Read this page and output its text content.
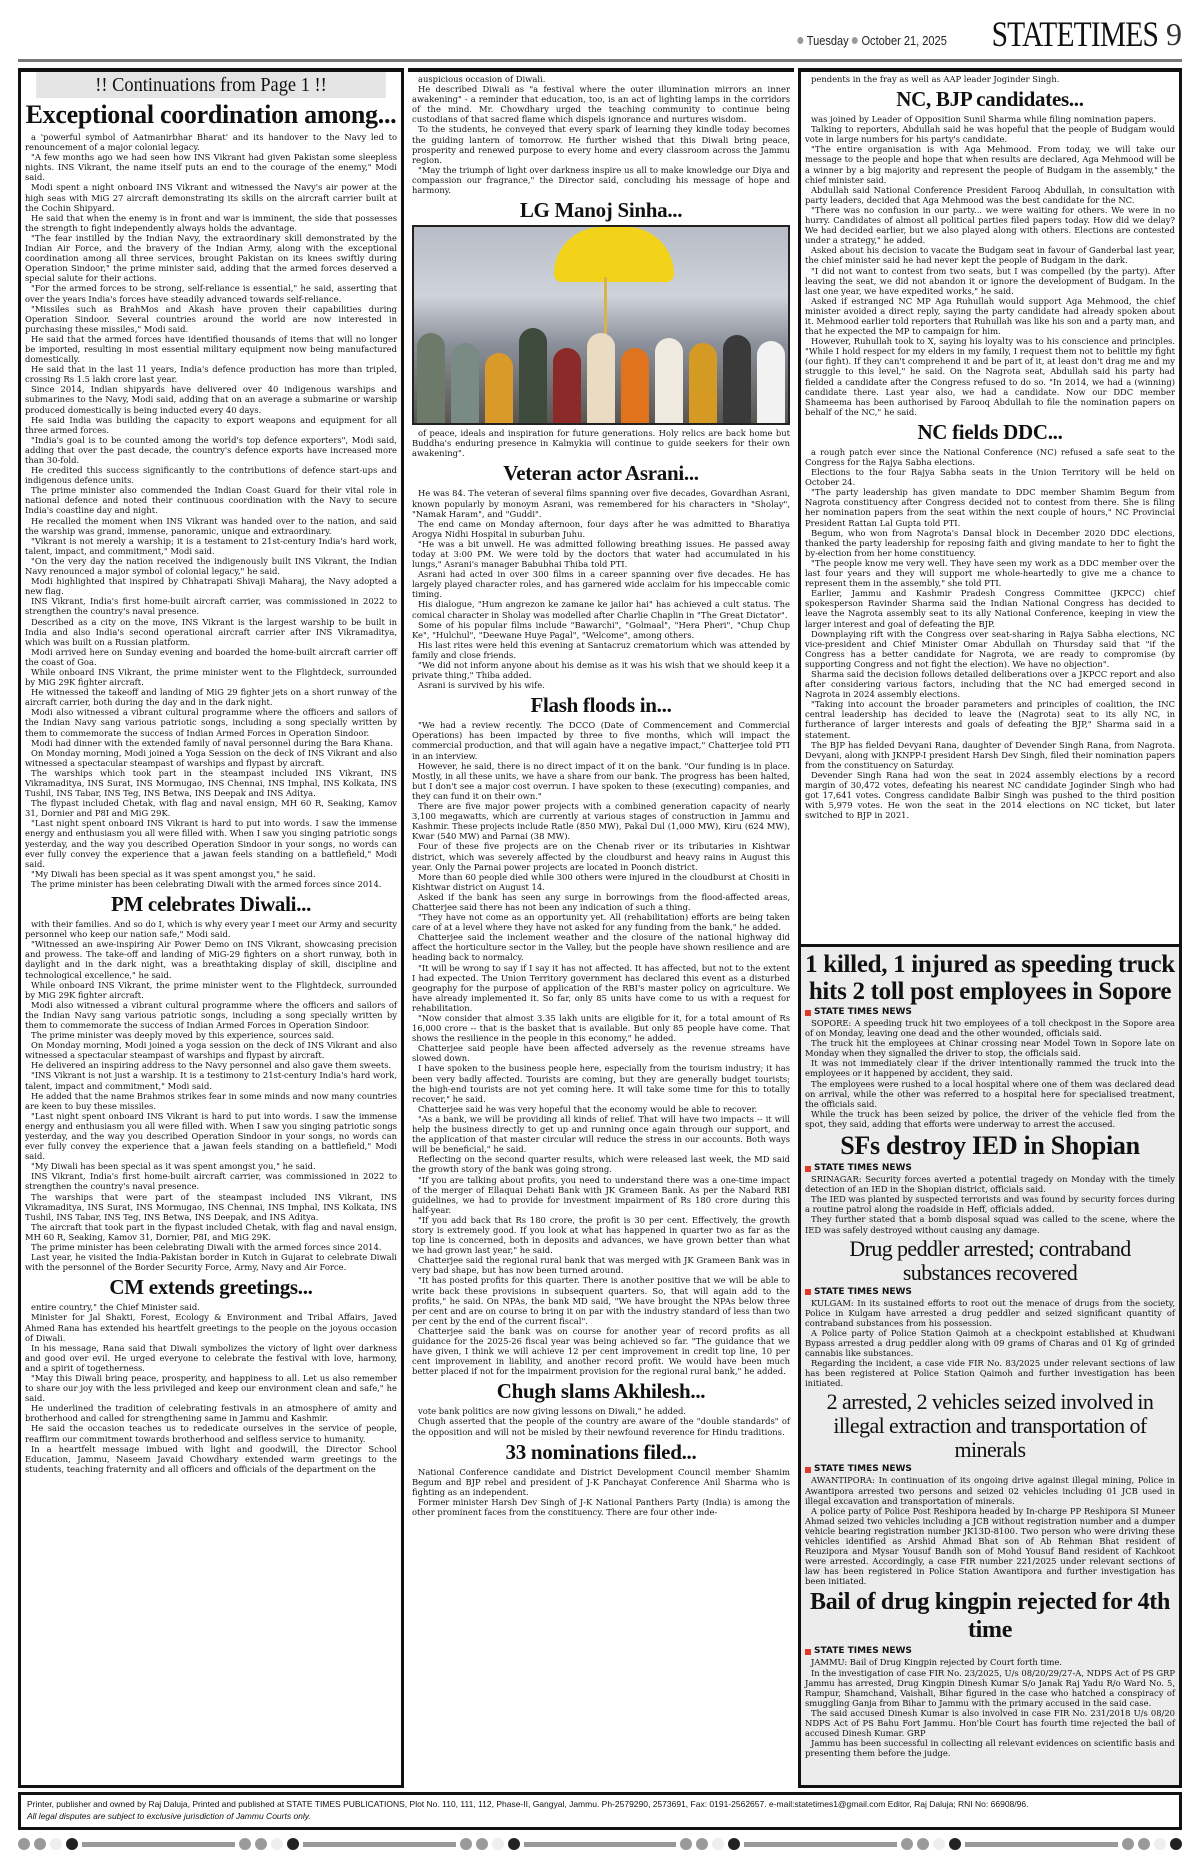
Tuesday October 21, 2025 STATETIMES 9
!! Continuations from Page 1 !!
Exceptional coordination among...

a 'powerful symbol of Aatmanirbhar Bharat' and its handover to the Navy led to renouncement of a major colonial legacy.

"A few months ago we had seen how INS Vikrant had given Pakistan some sleepless nights. INS Vikrant, the name itself puts an end to the courage of the enemy," Modi said.

Modi spent a night onboard INS Vikrant and witnessed the Navy's air power at the high seas with MiG 27 aircraft demonstrating its skills on the aircraft carrier built at the Cochin Shipyard.

He said that when the enemy is in front and war is imminent, the side that possesses the strength to fight independently always holds the advantage.

"The fear instilled by the Indian Navy, the extraordinary skill demonstrated by the Indian Air Force, and the bravery of the Indian Army, along with the exceptional coordination among all three services, brought Pakistan on its knees swiftly during Operation Sindoor," the prime minister said, adding that the armed forces deserved a special salute for their actions.

"For the armed forces to be strong, self-reliance is essential," he said, asserting that over the years India's forces have steadily advanced towards self-reliance.

"Missiles such as BrahMos and Akash have proven their capabilities during Operation Sindoor. Several countries around the world are now interested in purchasing these missiles," Modi said.

He said that the armed forces have identified thousands of items that will no longer be imported, resulting in most essential military equipment now being manufactured domestically.

He said that in the last 11 years, India's defence production has more than tripled, crossing Rs 1.5 lakh crore last year.

Since 2014, Indian shipyards have delivered over 40 indigenous warships and submarines to the Navy, Modi said, adding that on an average a submarine or warship produced domestically is being inducted every 40 days.

He said India was building the capacity to export weapons and equipment for all three armed forces.

"India's goal is to be counted among the world's top defence exporters", Modi said, adding that over the past decade, the country's defence exports have increased more than 30-fold.

He credited this success significantly to the contributions of defence start-ups and indigenous defence units.

The prime minister also commended the Indian Coast Guard for their vital role in national defence and noted their continuous coordination with the Navy to secure India's coastline day and night.

He recalled the moment when INS Vikrant was handed over to the nation, and said the warship was grand, immense, panoramic, unique and extraordinary.

"Vikrant is not merely a warship; it is a testament to 21st-century India's hard work, talent, impact, and commitment," Modi said.

"On the very day the nation received the indigenously built INS Vikrant, the Indian Navy renounced a major symbol of colonial legacy," he said.

Modi highlighted that inspired by Chhatrapati Shivaji Maharaj, the Navy adopted a new flag.

INS Vikrant, India's first home-built aircraft carrier, was commissioned in 2022 to strengthen the country's naval presence.

Described as a city on the move, INS Vikrant is the largest warship to be built in India and also India's second operational aircraft carrier after INS Vikramaditya, which was built on a Russian platform.

Modi arrived here on Sunday evening and boarded the home-built aircraft carrier off the coast of Goa.

While onboard INS Vikrant, the prime minister went to the Flightdeck, surrounded by MiG 29K fighter aircraft.

He witnessed the takeoff and landing of MiG 29 fighter jets on a short runway of the aircraft carrier, both during the day and in the dark night.

Modi also witnessed a vibrant cultural programme where the officers and sailors of the Indian Navy sang various patriotic songs, including a song specially written by them to commemorate the success of Indian Armed Forces in Operation Sindoor.

Modi had dinner with the extended family of naval personnel during the Bara Khana.

On Monday morning, Modi joined a Yoga Session on the deck of INS Vikrant and also witnessed a spectacular steampast of warships and flypast by aircraft.

The warships which took part in the steampast included INS Vikrant, INS Vikramaditya, INS Surat, INS Mormugao, INS Chennai, INS Imphal, INS Kolkata, INS Tushil, INS Tabar, INS Teg, INS Betwa, INS Deepak and INS Aditya.

The flypast included Chetak, with flag and naval ensign, MH 60 R, Seaking, Kamov 31, Dornier and P8I and MiG 29K.

"Last night spent onboard INS Vikrant is hard to put into words. I saw the immense energy and enthusiasm you all were filled with. When I saw you singing patriotic songs yesterday, and the way you described Operation Sindoor in your songs, no words can ever fully convey the experience that a jawan feels standing on a battlefield," Modi said.

"My Diwali has been special as it was spent amongst you," he said.

The prime minister has been celebrating Diwali with the armed forces since 2014.

PM celebrates Diwali...

with their families. And so do I, which is why every year I meet our Army and security personnel who keep our nation safe," Modi said.

"Witnessed an awe-inspiring Air Power Demo on INS Vikrant, showcasing precision and prowess. The take-off and landing of MiG-29 fighters on a short runway, both in daylight and in the dark night, was a breathtaking display of skill, discipline and technological excellence," he said.

While onboard INS Vikrant, the prime minister went to the Flightdeck, surrounded by MiG 29K fighter aircraft.

Modi also witnessed a vibrant cultural programme where the officers and sailors of the Indian Navy sang various patriotic songs, including a song specially written by them to commemorate the success of Indian Armed Forces in Operation Sindoor.

The prime minister was deeply moved by this experience, sources said.

On Monday morning, Modi joined a yoga session on the deck of INS Vikrant and also witnessed a spectacular steampast of warships and flypast by aircraft.

He delivered an inspiring address to the Navy personnel and also gave them sweets.

"INS Vikrant is not just a warship. It is a testimony to 21st-century India's hard work, talent, impact and commitment," Modi said.

He added that the name Brahmos strikes fear in some minds and now many countries are keen to buy these missiles.

"Last night spent onboard INS Vikrant is hard to put into words. I saw the immense energy and enthusiasm you all were filled with. When I saw you singing patriotic songs yesterday, and the way you described Operation Sindoor in your songs, no words can ever fully convey the experience that a jawan feels standing on a battlefield," Modi said.

"My Diwali has been special as it was spent amongst you," he said.

INS Vikrant, India's first home-built aircraft carrier, was commissioned in 2022 to strengthen the country's naval presence.

The warships that were part of the steampast included INS Vikrant, INS Vikramaditya, INS Surat, INS Mormugao, INS Chennai, INS Imphal, INS Kolkata, INS Tushil, INS Tabar, INS Teg, INS Betwa, INS Deepak, and INS Aditya.

The aircraft that took part in the flypast included Chetak, with flag and naval ensign, MH 60 R, Seaking, Kamov 31, Dornier, P8I, and MiG 29K.

The prime minister has been celebrating Diwali with the armed forces since 2014.

Last year, he visited the India-Pakistan border in Kutch in Gujarat to celebrate Diwali with the personnel of the Border Security Force, Army, Navy and Air Force.

CM extends greetings...

entire country," the Chief Minister said.

Minister for Jal Shakti, Forest, Ecology & Environment and Tribal Affairs, Javed Ahmed Rana has extended his heartfelt greetings to the people on the joyous occasion of Diwali.

In his message, Rana said that Diwali symbolizes the victory of light over darkness and good over evil. He urged everyone to celebrate the festival with love, harmony, and a spirit of togetherness.

"May this Diwali bring peace, prosperity, and happiness to all. Let us also remember to share our joy with the less privileged and keep our environment clean and safe," he said.

He underlined the tradition of celebrating festivals in an atmosphere of amity and brotherhood and called for strengthening same in Jammu and Kashmir.

He said the occasion teaches us to rededicate ourselves in the service of people, reaffirm our commitment towards brotherhood and selfless service to humanity.

In a heartfelt message imbued with light and goodwill, the Director School Education, Jammu, Naseem Javaid Chowdhary extended warm greetings to the students, teaching fraternity and all officers and officials of the department on the

auspicious occasion of Diwali.

He described Diwali as "a festival where the outer illumination mirrors an inner awakening" - a reminder that education, too, is an act of lighting lamps in the corridors of the mind. Mr. Chowdhary urged the teaching community to continue being custodians of that sacred flame which dispels ignorance and nurtures wisdom.

To the students, he conveyed that every spark of learning they kindle today becomes the guiding lantern of tomorrow. He further wished that this Diwali bring peace, prosperity and renewed purpose to every home and every classroom across the Jammu region.

"May the triumph of light over darkness inspire us all to make knowledge our Diya and compassion our fragrance," the Director said, concluding his message of hope and harmony.

LG Manoj Sinha...

of peace, ideals and inspiration for future generations. Holy relics are back home but Buddha's enduring presence in Kalmykia will continue to guide seekers for their own awakening".

Veteran actor Asrani...

He was 84. The veteran of several films spanning over five decades, Govardhan Asrani, known popularly by monoym Asrani, was remembered for his characters in "Sholay", "Namak Haram", and "Guddi".

The end came on Monday afternoon, four days after he was admitted to Bharatiya Arogya Nidhi Hospital in suburban Juhu.

"He was a bit unwell. He was admitted following breathing issues. He passed away today at 3:00 PM. We were told by the doctors that water had accumulated in his lungs," Asrani's manager Babubhai Thiba told PTI.

Asrani had acted in over 300 films in a career spanning over five decades. He has largely played character roles, and has garnered wide acclaim for his impeccable comic timing.

His dialogue, "Hum angrezon ke zamane ke jailor hai" has achieved a cult status. The comical character in Sholay was modelled after Charlie Chaplin in "The Great Dictator".

Some of his popular films include "Bawarchi", "Golmaal", "Hera Pheri", "Chup Chup Ke", "Hulchul", "Deewane Huye Pagal", "Welcome", among others.

His last rites were held this evening at Santacruz crematorium which was attended by family and close friends.

"We did not inform anyone about his demise as it was his wish that we should keep it a private thing," Thiba added.

Asrani is survived by his wife.

Flash floods in...

"We had a review recently. The DCCO (Date of Commencement and Commercial Operations) has been impacted by three to five months, which will impact the commercial production, and that will again have a negative impact," Chatterjee told PTI in an interview.

However, he said, there is no direct impact of it on the bank. "Our funding is in place. Mostly, in all these units, we have a share from our bank. The progress has been halted, but I don't see a major cost overrun. I have spoken to these (executing) companies, and they can fund it on their own."

There are five major power projects with a combined generation capacity of nearly 3,100 megawatts, which are currently at various stages of construction in Jammu and Kashmir. These projects include Ratle (850 MW), Pakal Dul (1,000 MW), Kiru (624 MW), Kwar (540 MW) and Parnai (38 MW).

Four of these five projects are on the Chenab river or its tributaries in Kishtwar district, which was severely affected by the cloudburst and heavy rains in August this year. Only the Parnai power projects are located in Poonch district.

More than 60 people died while 300 others were injured in the cloudburst at Chositi in Kishtwar district on August 14.

Asked if the bank has seen any surge in borrowings from the flood-affected areas, Chatterjee said there has not been any indication of such a thing.

"They have not come as an opportunity yet. All (rehabilitation) efforts are being taken care of at a level where they have not asked for any funding from the bank," he added.

Chatterjee said the inclement weather and the closure of the national highway did affect the horticulture sector in the Valley, but the people have shown resilience and are heading back to normalcy.

"It will be wrong to say if I say it has not affected. It has affected, but not to the extent I had expected. The Union Territory government has declared this event as a disturbed geography for the purpose of application of the RBI's master policy on agriculture. We have already implemented it. So far, only 85 units have come to us with a request for rehabilitation.

"Now consider that almost 3.35 lakh units are eligible for it, for a total amount of Rs 16,000 crore -- that is the basket that is available. But only 85 people have come. That shows the resilience in the people in this economy," he added.

Chatterjee said people have been affected adversely as the revenue streams have slowed down.

I have spoken to the business people here, especially from the tourism industry; it has been very badly affected. Tourists are coming, but they are generally budget tourists; the high-end tourists are not yet coming here. It will take some time for this to totally recover," he said.

Chatterjee said he was very hopeful that the economy would be able to recover.

"As a bank, we will be providing all kinds of relief. That will have two impacts -- it will help the business directly to get up and running once again through our support, and the application of that master circular will reduce the stress in our accounts. Both ways will be beneficial," he said.

Reflecting on the second quarter results, which were released last week, the MD said the growth story of the bank was going strong.

"If you are talking about profits, you need to understand there was a one-time impact of the merger of Ellaquai Dehati Bank with JK Grameen Bank. As per the Nabard RBI guidelines, we had to provide for investment impairment of Rs 180 crore during this half-year.

"If you add back that Rs 180 crore, the profit is 30 per cent. Effectively, the growth story is extremely good. If you look at what has happened in quarter two as far as the top line is concerned, both in deposits and advances, we have grown better than what we had grown last year," he said.

Chatterjee said the regional rural bank that was merged with JK Grameen Bank was in very bad shape, but has now been turned around.

"It has posted profits for this quarter. There is another positive that we will be able to write back these provisions in subsequent quarters. So, that will again add to the profits," he said. On NPAs, the bank MD said, "We have brought the NPAs below three per cent and are on course to bring it on par with the industry standard of less than two per cent by the end of the current fiscal".

Chatterjee said the bank was on course for another year of record profits as all guidance for the 2025-26 fiscal year was being achieved so far. "The guidance that we have given, I think we will achieve 12 per cent improvement in credit top line, 10 per cent improvement in liability, and another record profit. We would have been much better placed if not for the impairment provision for the regional rural bank," he added.

Chugh slams Akhilesh...

vote bank politics are now giving lessons on Diwali," he added.

Chugh asserted that the people of the country are aware of the "double standards" of the opposition and will not be misled by their newfound reverence for Hindu traditions.

33 nominations filed...

National Conference candidate and District Development Council member Shamim Begum and BJP rebel and president of J-K Panchayat Conference Anil Sharma who is fighting as an independent.

Former minister Harsh Dev Singh of J-K National Panthers Party (India) is among the other prominent faces from the constituency. There are four other inde-

pendents in the fray as well as AAP leader Joginder Singh.

NC, BJP candidates...

was joined by Leader of Opposition Sunil Sharma while filing nomination papers.

Talking to reporters, Abdullah said he was hopeful that the people of Budgam would vote in large numbers for his party's candidate.

"The entire organisation is with Aga Mehmood. From today, we will take our message to the people and hope that when results are declared, Aga Mehmood will be a winner by a big majority and represent the people of Budgam in the assembly," the chief minister said.

Abdullah said National Conference President Farooq Abdullah, in consultation with party leaders, decided that Aga Mehmood was the best candidate for the NC.

"There was no confusion in our party... we were waiting for others. We were in no hurry. Candidates of almost all political parties filed papers today. How did we delay? We had decided earlier, but we also played along with others. Elections are contested under a strategy," he added.

Asked about his decision to vacate the Budgam seat in favour of Ganderbal last year, the chief minister said he had never kept the people of Budgam in the dark.

"I did not want to contest from two seats, but I was compelled (by the party). After leaving the seat, we did not abandon it or ignore the development of Budgam. In the last one year, we have expedited works," he said.

Asked if estranged NC MP Aga Ruhullah would support Aga Mehmood, the chief minister avoided a direct reply, saying the party candidate had already spoken about it. Mehmood earlier told reporters that Ruhullah was like his son and a party man, and that he expected the MP to campaign for him.

However, Ruhullah took to X, saying his loyalty was to his conscience and principles. "While I hold respect for my elders in my family, I request them not to belittle my fight (our fight). If they can't comprehend it and be part of it, at least don't drag me and my struggle to this level," he said. On the Nagrota seat, Abdullah said his party had fielded a candidate after the Congress refused to do so. "In 2014, we had a (winning) candidate there. Last year also, we had a candidate. Now our DDC member Shameema has been authorised by Farooq Abdullah to file the nomination papers on behalf of the NC," he said.

NC fields DDC...

a rough patch ever since the National Conference (NC) refused a safe seat to the Congress for the Rajya Sabha elections.

Elections to the four Rajya Sabha seats in the Union Territory will be held on October 24.

"The party leadership has given mandate to DDC member Shamim Begum from Nagrota constituency after Congress decided not to contest from there. She is filing her nomination papers from the seat within the next couple of hours," NC Provincial President Rattan Lal Gupta told PTI.

Begum, who won from Nagrota's Dansal block in December 2020 DDC elections, thanked the party leadership for reposing faith and giving mandate to her to fight the by-election from her home constituency.

"The people know me very well. They have seen my work as a DDC member over the last four years and they will support me whole-heartedly to give me a chance to represent them in the assembly," she told PTI.

Earlier, Jammu and Kashmir Pradesh Congress Committee (JKPCC) chief spokesperson Ravinder Sharma said the Indian National Congress has decided to leave the Nagrota assembly seat to its ally National Conference, keeping in view the larger interest and goal of defeating the BJP.

Downplaying rift with the Congress over seat-sharing in Rajya Sabha elections, NC vice-president and Chief Minister Omar Abdullah on Thursday said that "if the Congress has a better candidate for Nagrota, we are ready to compromise (by supporting Congress and not fight the election). We have no objection".

Sharma said the decision follows detailed deliberations over a JKPCC report and also after considering various factors, including that the NC had emerged second in Nagrota in 2024 assembly elections.

"Taking into account the broader parameters and principles of coalition, the INC central leadership has decided to leave the (Nagrota) seat to its ally NC, in furtherance of larger interests and goals of defeating the BJP," Sharma said in a statement.

The BJP has fielded Devyani Rana, daughter of Devender Singh Rana, from Nagrota. Devyani, along with JKNPP-I president Harsh Dev Singh, filed their nomination papers from the constituency on Saturday.

Devender Singh Rana had won the seat in 2024 assembly elections by a record margin of 30,472 votes, defeating his nearest NC candidate Joginder Singh who had got 17,641 votes. Congress candidate Balbir Singh was pushed to the third position with 5,979 votes. He won the seat in the 2014 elections on NC ticket, but later switched to BJP in 2021.

1 killed, 1 injured as speeding truck hits 2 toll post employees in Sopore
STATE TIMES NEWS

SOPORE: A speeding truck hit two employees of a toll checkpost in the Sopore area of on Monday, leaving one dead and the other wounded, officials said.

The truck hit the employees at Chinar crossing near Model Town in Sopore late on Monday when they signalled the driver to stop, the officials said.

It was not immediately clear if the driver intentionally rammed the truck into the employees or it happened by accident, they said.

The employees were rushed to a local hospital where one of them was declared dead on arrival, while the other was referred to a hospital here for specialised treatment, the officials said.

While the truck has been seized by police, the driver of the vehicle fled from the spot, they said, adding that efforts were underway to arrest the accused.

SFs destroy IED in Shopian
STATE TIMES NEWS

SRINAGAR: Security forces averted a potential tragedy on Monday with the timely detection of an IED in the Shopian district, officials said.

The IED was planted by suspected terrorists and was found by security forces during a routine patrol along the roadside in Heff, officials added.

They further stated that a bomb disposal squad was called to the scene, where the IED was safely destroyed without causing any damage.

Drug peddler arrested; contraband substances recovered
STATE TIMES NEWS

KULGAM: In its sustained efforts to root out the menace of drugs from the society, Police in Kulgam have arrested a drug peddler and seized significant quantity of contraband substances from his possession.

A Police party of Police Station Qaimoh at a checkpoint established at Khudwani Bypass arrested a drug peddler along with 09 grams of Charas and 01 Kg of grinded cannabis like substances.

Regarding the incident, a case vide FIR No. 83/2025 under relevant sections of law has been registered at Police Station Qaimoh and further investigation has been initiated.

2 arrested, 2 vehicles seized involved in illegal extraction and transportation of minerals
STATE TIMES NEWS

AWANTIPORA: In continuation of its ongoing drive against illegal mining, Police in Awantipora arrested two persons and seized 02 vehicles including 01 JCB used in illegal excavation and transportation of minerals.

A police party of Police Post Reshipora headed by In-charge PP Reshipora SI Muneer Ahmad seized two vehicles including a JCB without registration number and a dumper vehicle bearing registration number JK13D-8100. Two person who were driving these vehicles identified as Arshid Ahmad Bhat son of Ab Rehman Bhat resident of Reuzipora and Mysar Yousuf Bandh son of Mohd Yousuf Band resident of Kachkoot were arrested. Accordingly, a case FIR number 221/2025 under relevant sections of law has been registered in Police Station Awantipora and further investigation has been initiated.

Bail of drug kingpin rejected for 4th time
STATE TIMES NEWS

JAMMU: Bail of Drug Kingpin rejected by Court forth time.

In the investigation of case FIR No. 23/2025, U/s 08/20/29/27-A, NDPS Act of PS GRP Jammu has arrested, Drug Kingpin Dinesh Kumar S/o Janak Raj Yadu R/o Ward No. 5, Rampur, Shamchand, Vaishali, Bihar figured in the case who hatched a conspiracy of smuggling Ganja from Bihar to Jammu with the primary accused in the said case.

The said accused Dinesh Kumar is also involved in case FIR No. 231/2018 U/s 08/20 NDPS Act of PS Bahu Fort Jammu. Hon'ble Court has fourth time rejected the bail of accused Dinesh Kumar. GRP

Jammu has been successful in collecting all relevant evidences on scientific basis and presenting them before the judge.

Printer, publisher and owned by Raj Daluja, Printed and published at STATE TIMES PUBLICATIONS, Plot No. 110, 111, 112, Phase-II, Gangyal, Jammu. Ph-2579290, 2573691, Fax: 0191-2562657. e-mail:statetimes1@gmail.com Editor, Raj Daluja; RNI No: 66908/96.
All legal disputes are subject to exclusive jurisdiction of Jammu Courts only.
